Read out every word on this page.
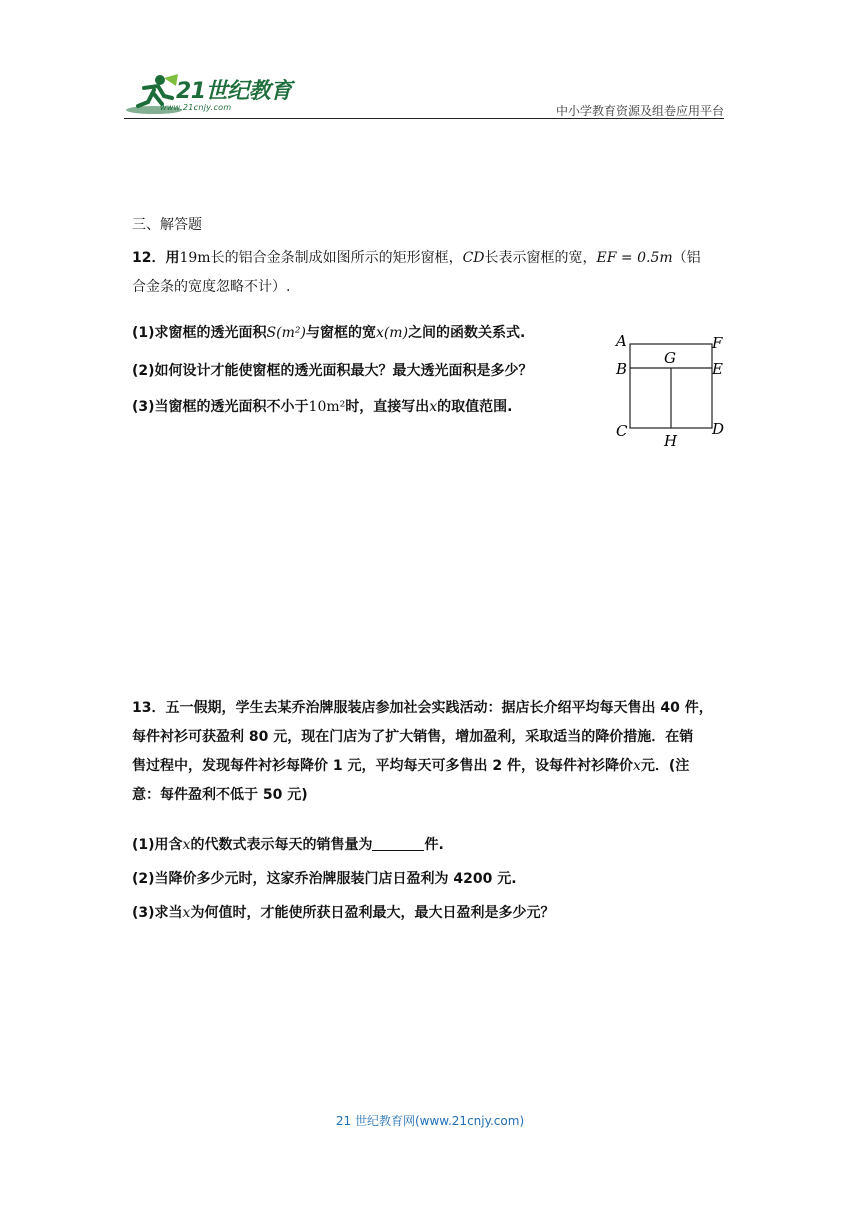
21世纪教育
www.21cnjy.com	中小学教育资源及组卷应用平台
三、解答题
12．用19m长的铝合金条制成如图所示的矩形窗框，CD长表示窗框的宽，EF = 0.5m（铝
合金条的宽度忽略不计）.
(1)求窗框的透光面积S(m²)与窗框的宽x(m)之间的函数关系式.
(2)如何设计才能使窗框的透光面积最大？最大透光面积是多少？
(3)当窗框的透光面积不小于10m²时，直接写出x的取值范围.
A	F
G
B	E
C	D
H
13．五一假期，学生去某乔治牌服装店参加社会实践活动：据店长介绍平均每天售出 40 件，
每件衬衫可获盈利 80 元，现在门店为了扩大销售，增加盈利，采取适当的降价措施．在销
售过程中，发现每件衬衫每降价 1 元，平均每天可多售出 2 件，设每件衬衫降价x元．(注
意：每件盈利不低于 50 元)
(1)用含x的代数式表示每天的销售量为	件.
(2)当降价多少元时，这家乔治牌服装门店日盈利为 4200 元.
(3)求当x为何值时，才能使所获日盈利最大，最大日盈利是多少元？
21 世纪教育网(www.21cnjy.com)
